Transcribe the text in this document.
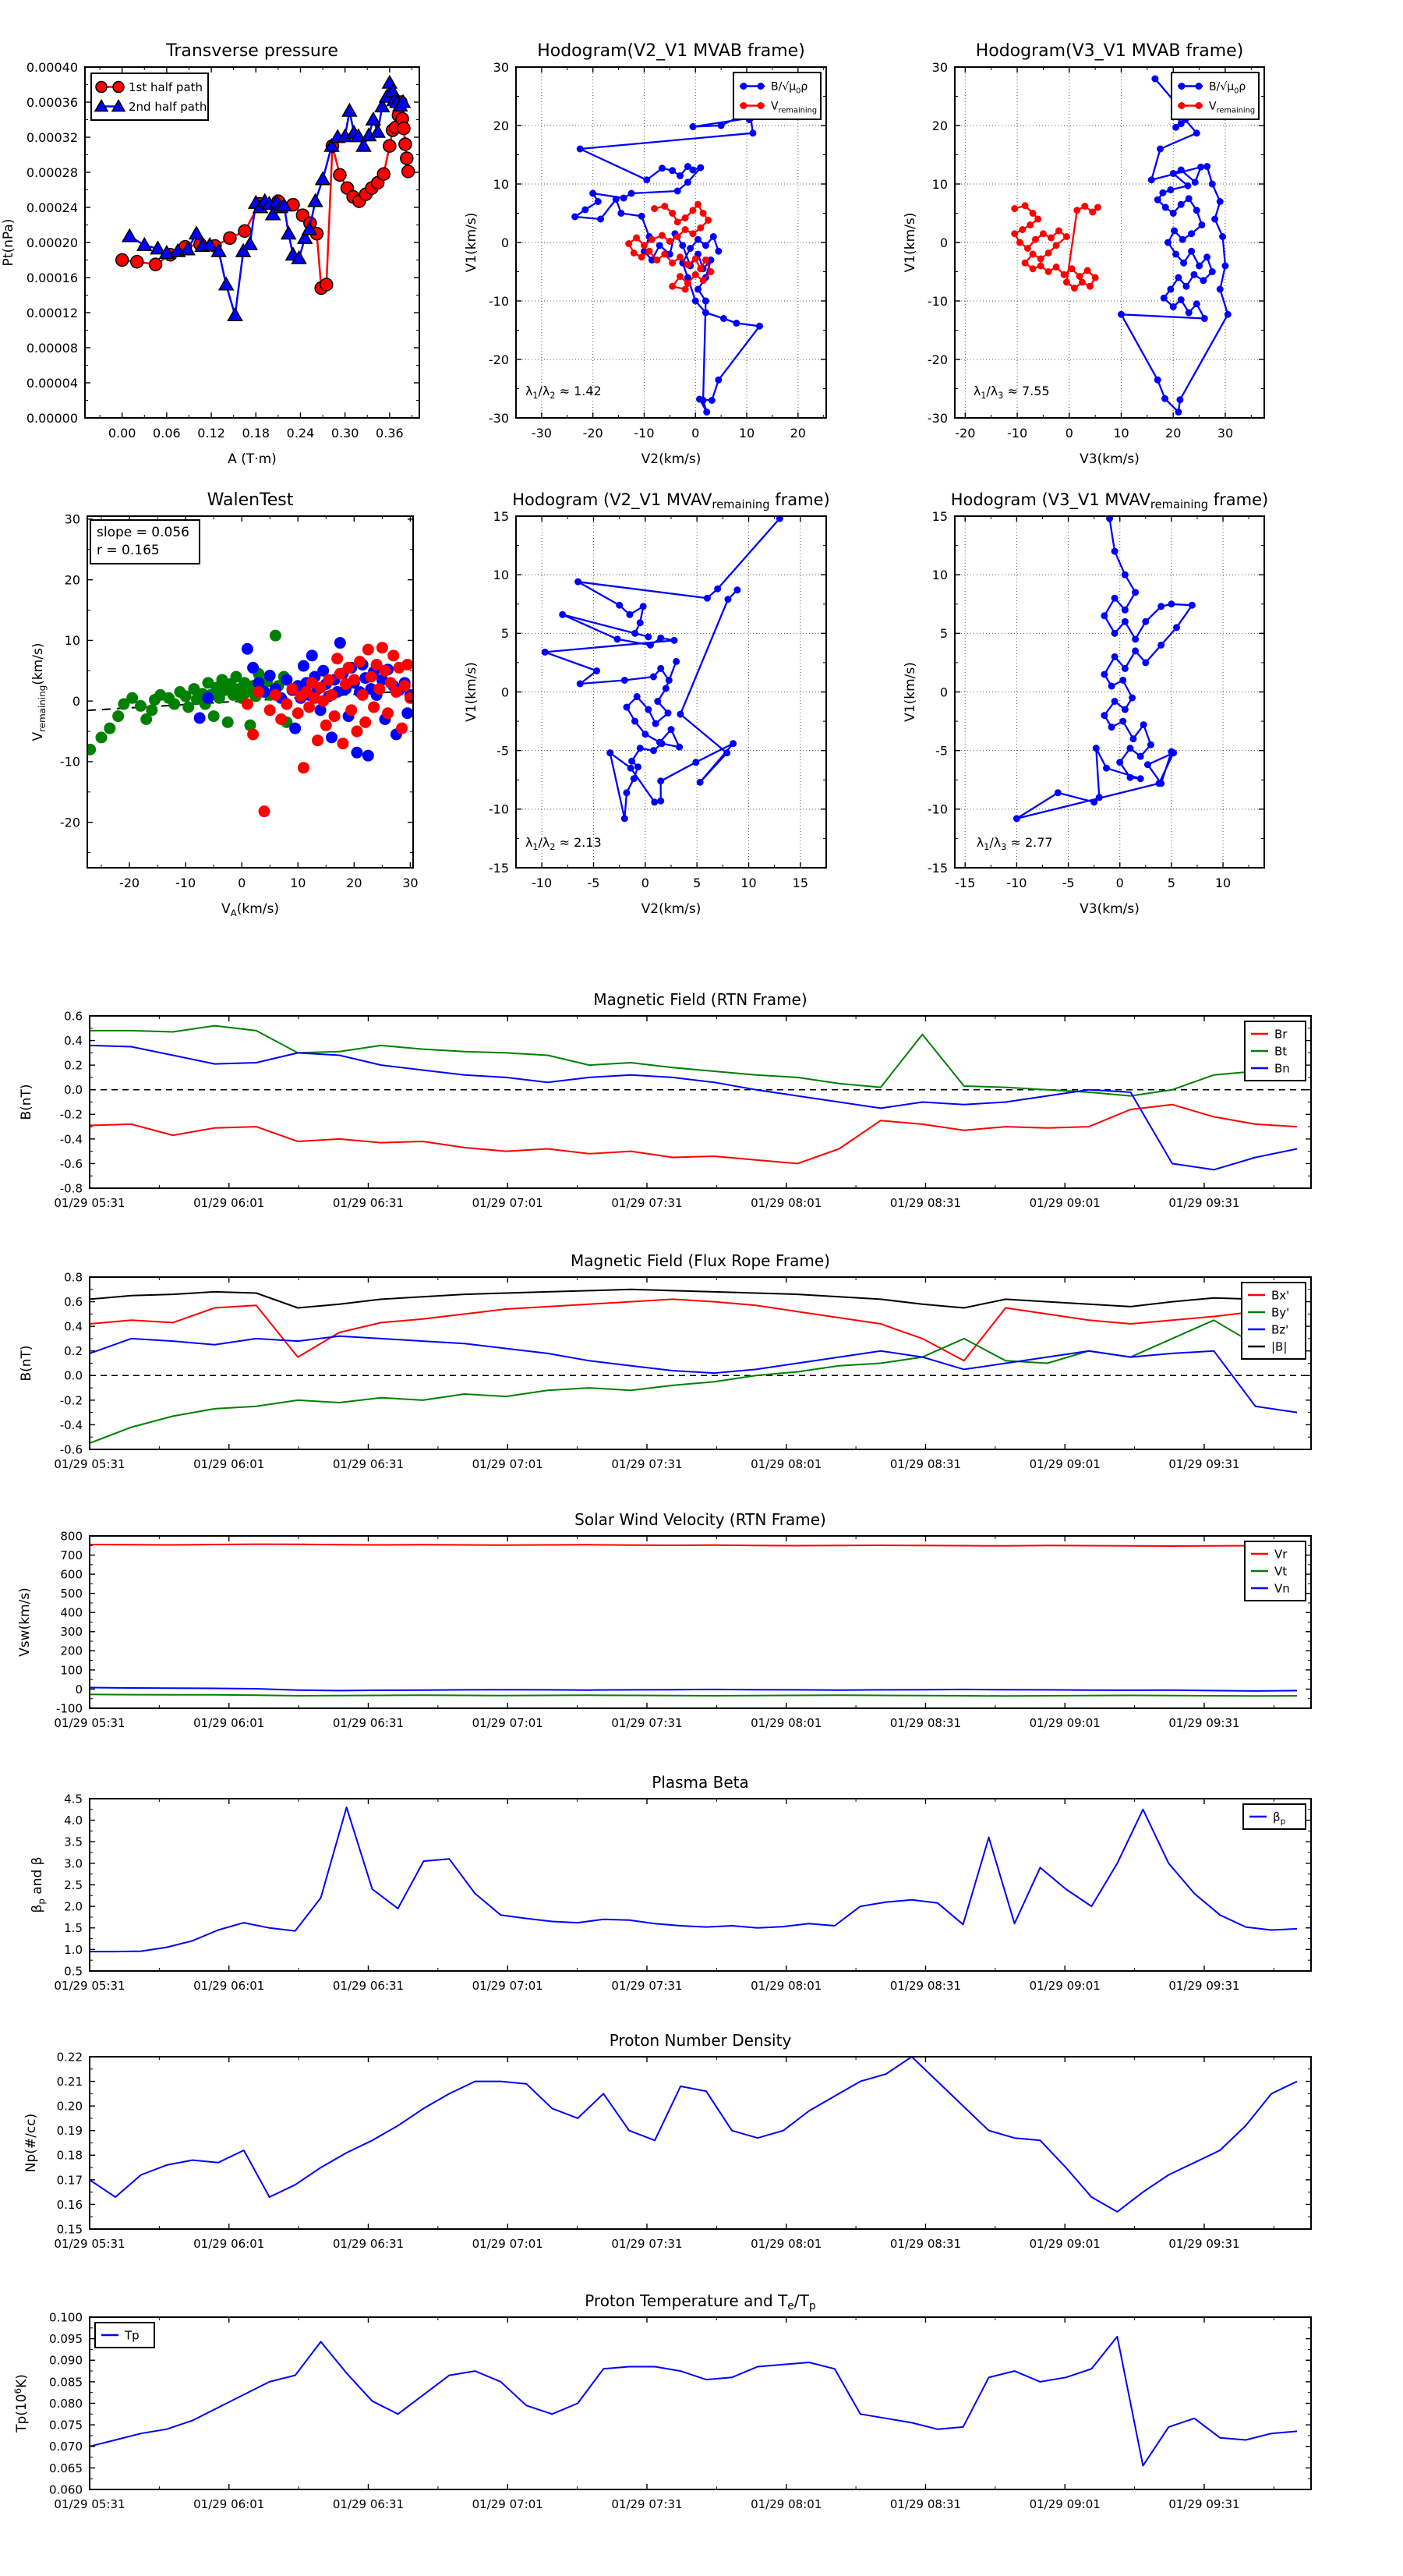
0.00 0.06 0.12 0.18 0.24 0.30 0.36
0.00000
0.00004
0.00008
0.00012
0.00016
0.00020
0.00024
0.00028
0.00032
0.00036
0.00040
Transverse pressure
A (T·m)
Pt(nPa)
1st half path
2nd half path
-30 -20 -10	0	10	20
-30
-20
-10
0
10
20
30
Hodogram(V2_V1 MVAB frame)
V2(km/s)
V1(km/s)
$\lambda_1/\lambda_2 \approx 1.42$
$B/√\mu_0\rho$
$V_{remaining}$
-20	-10	0	10	20	30
-30
-20
-10
0
10
20
30
Hodogram(V3_V1 MVAB frame)
V3(km/s)
V1(km/s)
$\lambda_1/\lambda_3 \approx 7.55$
$B/√\mu_0\rho$
$V_{remaining}$
-20	-10	0	10	20	30
-20
-10
0
10
20
30
WalenTest
$V_A(km/s)$
$V_{remaining}(km/s)$
slope = 0.056
r = 0.165
-10	-5	0	5	10	15
-15
-10
-5
0
5
10
15
Hodogram (V2_V1 MVAVremaining frame)
V2(km/s)
V1(km/s)
$\lambda_1/\lambda_2 \approx 2.13$
-15	-10	-5	0	5	10
-15
-10
-5
0
5
10
15
Hodogram (V3_V1 MVAVremaining frame)
V3(km/s)
V1(km/s)
$\lambda_1/\lambda_3 \approx 2.77$
01/29 05:31	01/29 06:01	01/29 06:31	01/29 07:01	01/29 07:31	01/29 08:01	01/29 08:31	01/29 09:01	01/29 09:31
-0.8
-0.6
-0.4
-0.2
0.0
0.2
0.4
0.6
Magnetic Field (RTN Frame)
B(nT)
Br
Bt
Bn
01/29 05:31	01/29 06:01	01/29 06:31	01/29 07:01	01/29 07:31	01/29 08:01	01/29 08:31	01/29 09:01	01/29 09:31
-0.6
-0.4
-0.2
0.0
0.2
0.4
0.6
0.8
Magnetic Field (Flux Rope Frame)
B(nT)
Bx'
By'
Bz'
|B|
01/29 05:31	01/29 06:01	01/29 06:31	01/29 07:01	01/29 07:31	01/29 08:01	01/29 08:31	01/29 09:01	01/29 09:31
-100
0
100
200
300
400
500
600
700
800
Solar Wind Velocity (RTN Frame)
Vsw(km/s)
Vr
Vt
Vn
01/29 05:31	01/29 06:01	01/29 06:31	01/29 07:01	01/29 07:31	01/29 08:01	01/29 08:31	01/29 09:01	01/29 09:31
0.5
1.0
1.5
2.0
2.5
3.0
3.5
4.0
4.5
Plasma Beta
$\beta_p$ and β
$\beta_p$
01/29 05:31	01/29 06:01	01/29 06:31	01/29 07:01	01/29 07:31	01/29 08:01	01/29 08:31	01/29 09:01	01/29 09:31
0.15
0.16
0.17
0.18
0.19
0.20
0.21
0.22
Proton Number Density
Np(#/cc)
01/29 05:31	01/29 06:01	01/29 06:31	01/29 07:01	01/29 07:31	01/29 08:01	01/29 08:31	01/29 09:01	01/29 09:31
0.060
0.065
0.070
0.075
0.080
0.085
0.090
0.095
0.100
Proton Temperature and $T_e/T_p$
$Tp(10^6K)$
Tp
